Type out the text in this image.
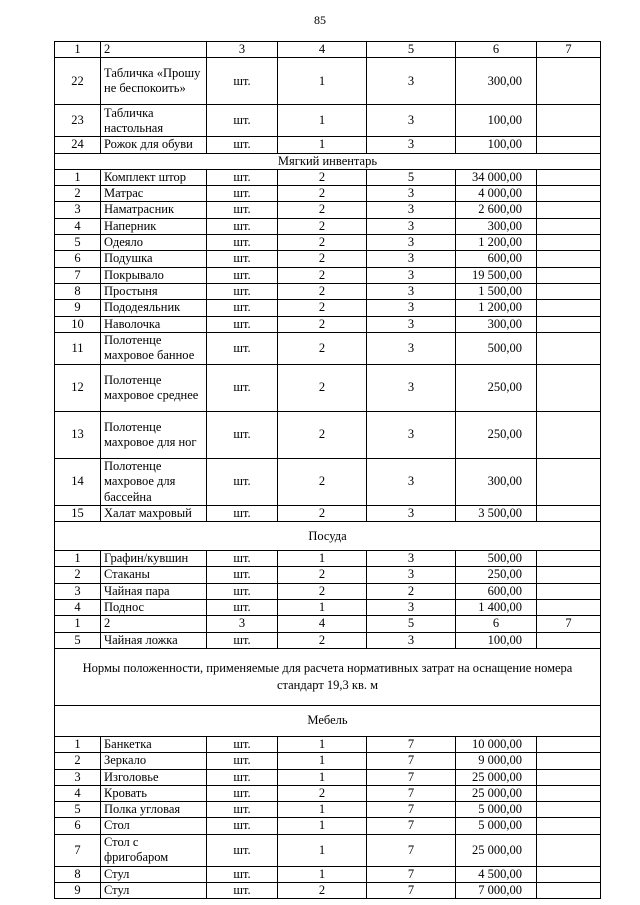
85
1	2	3	4	5	6	7
22	Табличка «Прошу не беспокоить»	шт.	1	3	300,00	
23	Табличка настольная	шт.	1	3	100,00	
24	Рожок для обуви	шт.	1	3	100,00	
Мягкий инвентарь						
1	Комплект штор	шт.	2	5	34 000,00	
2	Матрас	шт.	2	3	4 000,00	
3	Наматрасник	шт.	2	3	2 600,00	
4	Наперник	шт.	2	3	300,00	
5	Одеяло	шт.	2	3	1 200,00	
6	Подушка	шт.	2	3	600,00	
7	Покрывало	шт.	2	3	19 500,00	
8	Простыня	шт.	2	3	1 500,00	
9	Пододеяльник	шт.	2	3	1 200,00	
10	Наволочка	шт.	2	3	300,00	
11	Полотенце махровое банное	шт.	2	3	500,00	
12	Полотенце махровое среднее	шт.	2	3	250,00	
13	Полотенце махровое для ног	шт.	2	3	250,00	
14	Полотенце махровое для бассейна	шт.	2	3	300,00	
15	Халат махровый	шт.	2	3	3 500,00	
Посуда						
1	Графин/кувшин	шт.	1	3	500,00	
2	Стаканы	шт.	2	3	250,00	
3	Чайная пара	шт.	2	2	600,00	
4	Поднос	шт.	1	3	1 400,00	
1	2	3	4	5	6	7
5	Чайная ложка	шт.	2	3	100,00	
Нормы положенности, применяемые для расчета нормативных затрат на оснащение номера стандарт 19,3 кв. м						
Мебель						
1	Банкетка	шт.	1	7	10 000,00	
2	Зеркало	шт.	1	7	9 000,00	
3	Изголовье	шт.	1	7	25 000,00	
4	Кровать	шт.	2	7	25 000,00	
5	Полка угловая	шт.	1	7	5 000,00	
6	Стол	шт.	1	7	5 000,00	
7	Стол с фригобаром	шт.	1	7	25 000,00	
8	Стул	шт.	1	7	4 500,00	
9	Стул	шт.	2	7	7 000,00	
